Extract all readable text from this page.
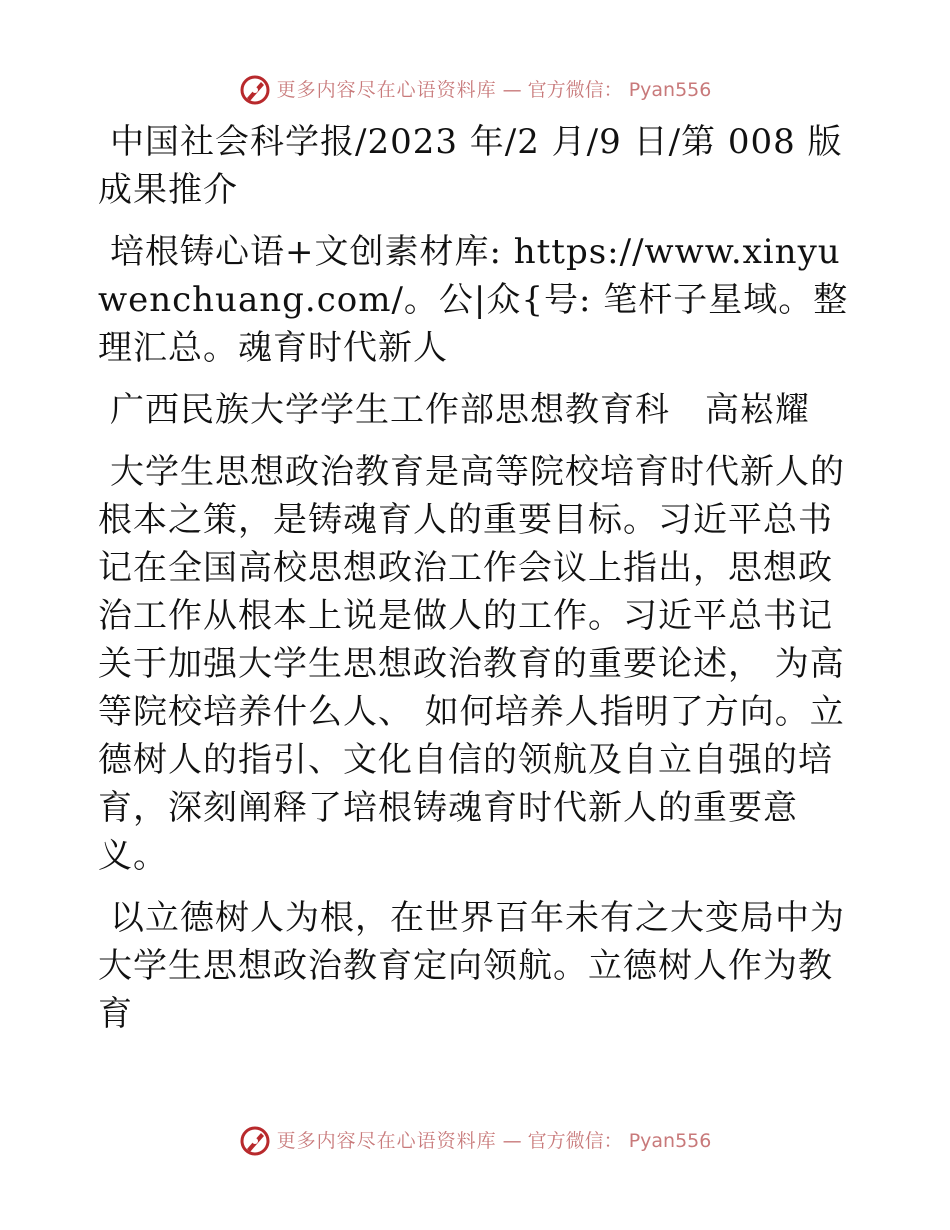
更多内容尽在心语资料库 — 官方微信： Pyan556

中国社会科学报/2023 年/2 月/9 日/第 008 版成果推介

培根铸心语+文创素材库: https://www.xinyuwenchuang.com/。公|众{号: 笔杆子星域。整理汇总。魂育时代新人

广西民族大学学生工作部思想教育科　高崧耀

大学生思想政治教育是高等院校培育时代新人的根本之策，是铸魂育人的重要目标。习近平总书记在全国高校思想政治工作会议上指出，思想政治工作从根本上说是做人的工作。习近平总书记关于加强大学生思想政治教育的重要论述， 为高等院校培养什么人、 如何培养人指明了方向。立德树人的指引、文化自信的领航及自立自强的培育，深刻阐释了培根铸魂育时代新人的重要意义。

以立德树人为根，在世界百年未有之大变局中为大学生思想政治教育定向领航。立德树人作为教育

更多内容尽在心语资料库 — 官方微信： Pyan556
